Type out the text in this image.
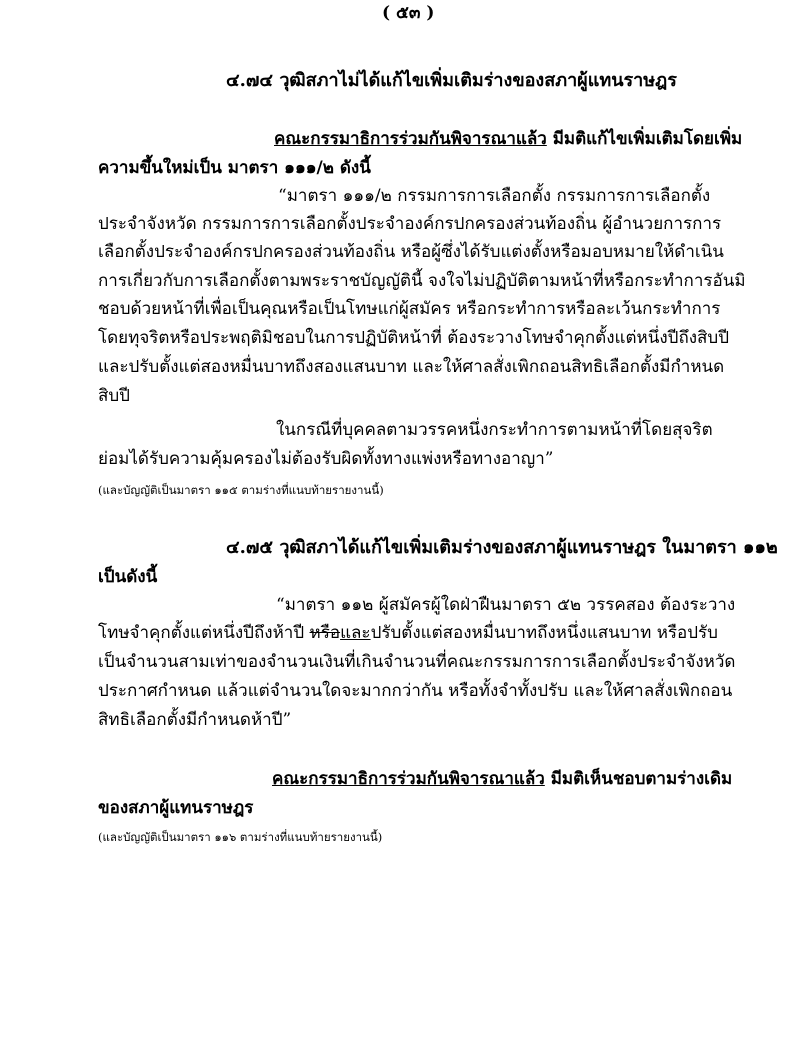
( ๕๓ )
๔.๗๔ วุฒิสภาไม่ได้แก้ไขเพิ่มเติมร่างของสภาผู้แทนราษฎร
คณะกรรมาธิการร่วมกันพิจารณาแล้ว มีมติแก้ไขเพิ่มเติมโดยเพิ่ม
ความขึ้นใหม่เป็น มาตรา ๑๑๑/๒ ดังนี้
“มาตรา ๑๑๑/๒ กรรมการการเลือกตั้ง กรรมการการเลือกตั้ง
ประจำจังหวัด กรรมการการเลือกตั้งประจำองค์กรปกครองส่วนท้องถิ่น ผู้อำนวยการการ
เลือกตั้งประจำองค์กรปกครองส่วนท้องถิ่น หรือผู้ซึ่งได้รับแต่งตั้งหรือมอบหมายให้ดำเนิน
การเกี่ยวกับการเลือกตั้งตามพระราชบัญญัตินี้ จงใจไม่ปฏิบัติตามหน้าที่หรือกระทำการอันมิ
ชอบด้วยหน้าที่เพื่อเป็นคุณหรือเป็นโทษแก่ผู้สมัคร หรือกระทำการหรือละเว้นกระทำการ
โดยทุจริตหรือประพฤติมิชอบในการปฏิบัติหน้าที่ ต้องระวางโทษจำคุกตั้งแต่หนึ่งปีถึงสิบปี
และปรับตั้งแต่สองหมื่นบาทถึงสองแสนบาท และให้ศาลสั่งเพิกถอนสิทธิเลือกตั้งมีกำหนด
สิบปี
ในกรณีที่บุคคลตามวรรคหนึ่งกระทำการตามหน้าที่โดยสุจริต
ย่อมได้รับความคุ้มครองไม่ต้องรับผิดทั้งทางแพ่งหรือทางอาญา”
(และบัญญัติเป็นมาตรา ๑๑๕ ตามร่างที่แนบท้ายรายงานนี้)
๔.๗๕ วุฒิสภาได้แก้ไขเพิ่มเติมร่างของสภาผู้แทนราษฎร ในมาตรา ๑๑๒
เป็นดังนี้
“มาตรา ๑๑๒ ผู้สมัครผู้ใดฝ่าฝืนมาตรา ๕๒ วรรคสอง ต้องระวาง
โทษจำคุกตั้งแต่หนึ่งปีถึงห้าปี หรือและปรับตั้งแต่สองหมื่นบาทถึงหนึ่งแสนบาท หรือปรับ
เป็นจำนวนสามเท่าของจำนวนเงินที่เกินจำนวนที่คณะกรรมการการเลือกตั้งประจำจังหวัด
ประกาศกำหนด แล้วแต่จำนวนใดจะมากกว่ากัน หรือทั้งจำทั้งปรับ และให้ศาลสั่งเพิกถอน
สิทธิเลือกตั้งมีกำหนดห้าปี”
คณะกรรมาธิการร่วมกันพิจารณาแล้ว มีมติเห็นชอบตามร่างเดิม
ของสภาผู้แทนราษฎร
(และบัญญัติเป็นมาตรา ๑๑๖ ตามร่างที่แนบท้ายรายงานนี้)
